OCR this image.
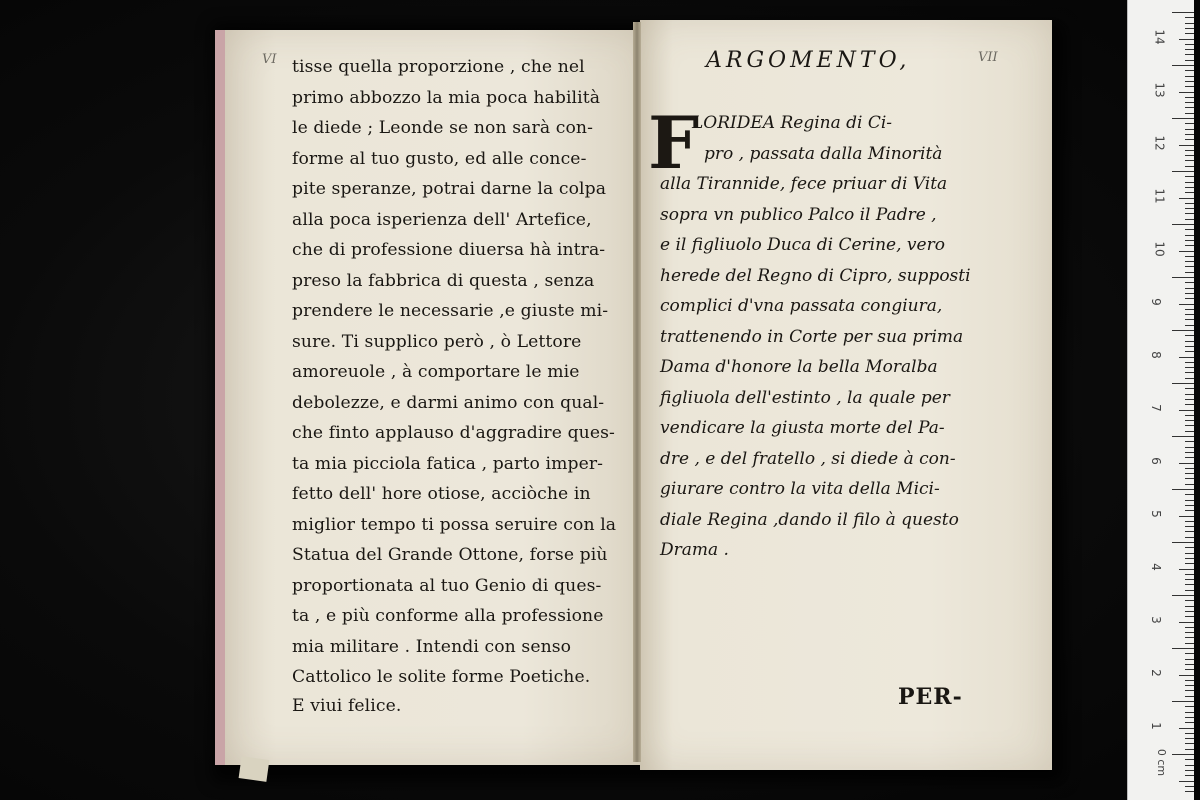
VI tisse quella proporzione , che nel
primo abbozzo la mia poca habilità
le diede ; Leonde se non sarà con-
forme al tuo gusto, ed alle conce-
pite speranze, potrai darne la colpa
alla poca isperienza dell' Artefice,
che di professione diuersa hà intra-
preso la fabbrica di questa , senza
prendere le necessarie ,e giuste mi-
sure. Ti supplico però , ò Lettore
amoreuole , à comportare le mie
debolezze, e darmi animo con qual-
che finto applauso d'aggradire ques-
ta mia picciola fatica , parto imper-
fetto dell' hore otiose, acciòche in
miglior tempo ti possa seruire con la
Statua del Grande Ottone, forse più
proportionata al tuo Genio di ques-
ta , e più conforme alla professione
mia militare . Intendi con senso
Cattolico le solite forme Poetiche.
E viui felice.
ARGOMENTO,	VII
F
LORIDEA Regina di Ci-
pro , passata dalla Minorità
alla Tirannide, fece priuar di Vita
sopra vn publico Palco il Padre ,
e il figliuolo Duca di Cerine, vero
herede del Regno di Cipro, supposti
complici d'vna passata congiura,
trattenendo in Corte per sua prima
Dama d'honore la bella Moralba
figliuola dell'estinto , la quale per
vendicare la giusta morte del Pa-
dre , e del fratello , si diede à con-
giurare contro la vita della Mici-
diale Regina ,dando il filo à questo
Drama .
PER-
14
13
12
11
10
9
8
7
6
5
4
3
2
1
0 cm
